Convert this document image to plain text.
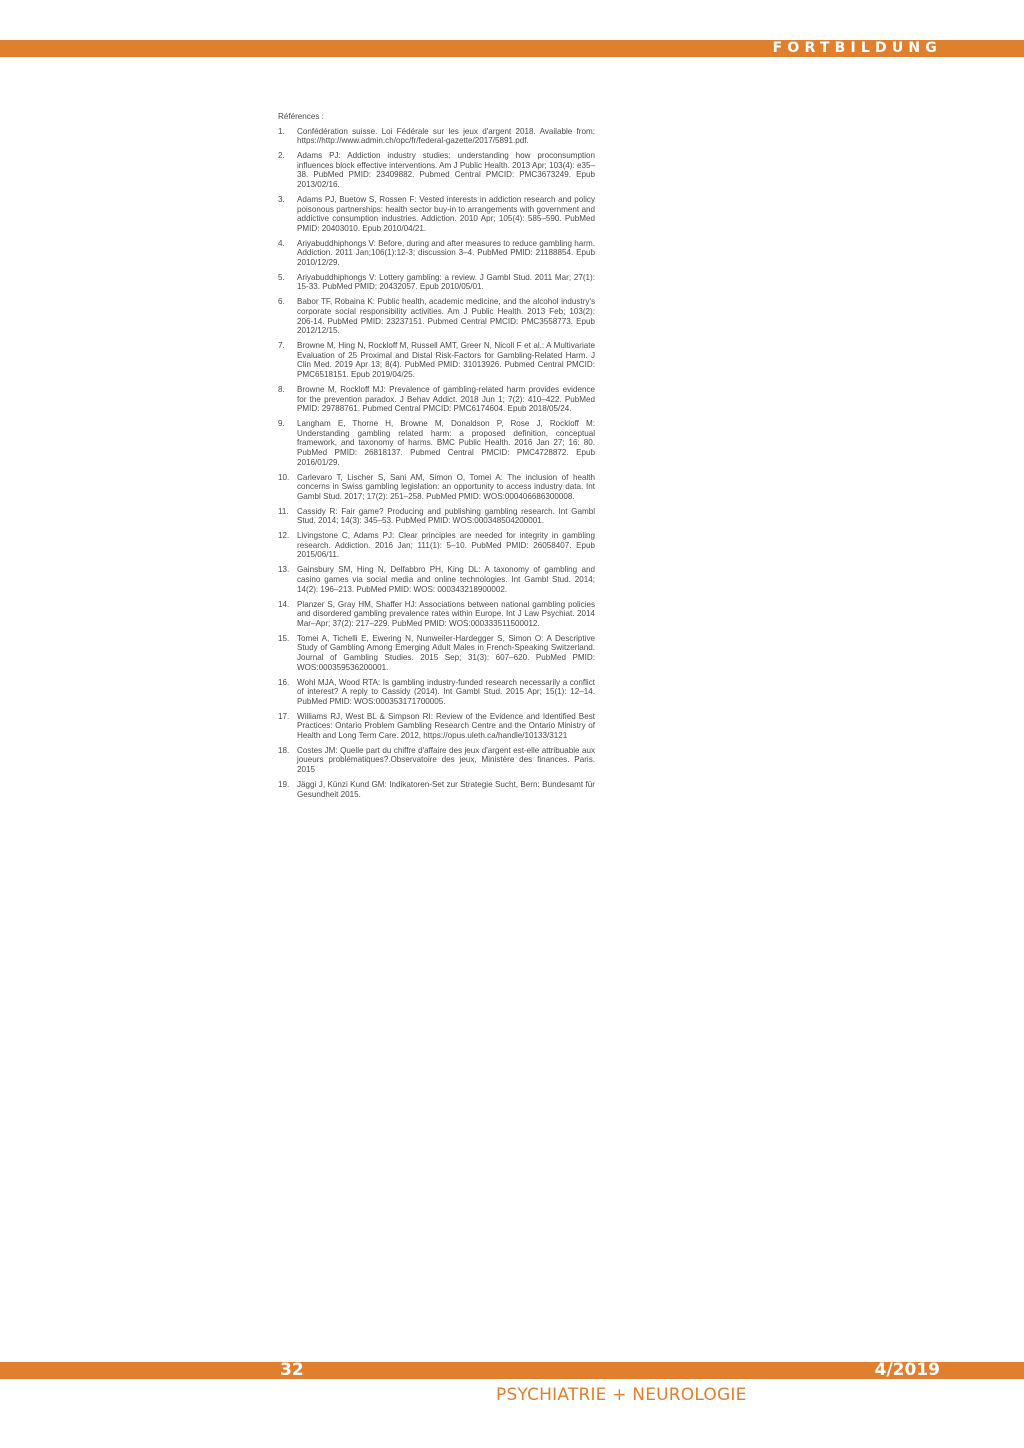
FORTBILDUNG
Références :
1. Confédération suisse. Loi Fédérale sur les jeux d'argent 2018. Available from: https://http://www.admin.ch/opc/fr/federal-gazette/2017/5891.pdf.
2. Adams PJ: Addiction industry studies: understanding how proconsumption influences block effective interventions. Am J Public Health. 2013 Apr; 103(4): e35–38. PubMed PMID: 23409882. Pubmed Central PMCID: PMC3673249. Epub 2013/02/16.
3. Adams PJ, Buetow S, Rossen F: Vested interests in addiction research and policy poisonous partnerships: health sector buy-in to arrangements with government and addictive consumption industries. Addiction. 2010 Apr; 105(4): 585–590. PubMed PMID: 20403010. Epub 2010/04/21.
4. Ariyabuddhiphongs V: Before, during and after measures to reduce gambling harm. Addiction. 2011 Jan;106(1):12-3; discussion 3–4. PubMed PMID: 21188854. Epub 2010/12/29.
5. Ariyabuddhiphongs V: Lottery gambling: a review. J Gambl Stud. 2011 Mar; 27(1): 15-33. PubMed PMID: 20432057. Epub 2010/05/01.
6. Babor TF, Robaina K: Public health, academic medicine, and the alcohol industry's corporate social responsibility activities. Am J Public Health. 2013 Feb; 103(2): 206-14. PubMed PMID: 23237151. Pubmed Central PMCID: PMC3558773. Epub 2012/12/15.
7. Browne M, Hing N, Rockloff M, Russell AMT, Greer N, Nicoll F et al.: A Multivariate Evaluation of 25 Proximal and Distal Risk-Factors for Gambling-Related Harm. J Clin Med. 2019 Apr 13; 8(4). PubMed PMID: 31013926. Pubmed Central PMCID: PMC6518151. Epub 2019/04/25.
8. Browne M, Rockloff MJ: Prevalence of gambling-related harm provides evidence for the prevention paradox. J Behav Addict. 2018 Jun 1; 7(2): 410–422. PubMed PMID: 29788761. Pubmed Central PMCID: PMC6174604. Epub 2018/05/24.
9. Langham E, Thorne H, Browne M, Donaldson P, Rose J, Rockloff M: Understanding gambling related harm: a proposed definition, conceptual framework, and taxonomy of harms. BMC Public Health. 2016 Jan 27; 16: 80. PubMed PMID: 26818137. Pubmed Central PMCID: PMC4728872. Epub 2016/01/29.
10. Carlevaro T, Lischer S, Sani AM, Simon O, Tomei A: The inclusion of health concerns in Swiss gambling legislation: an opportunity to access industry data. Int Gambl Stud. 2017; 17(2): 251–258. PubMed PMID: WOS:000406686300008.
11. Cassidy R: Fair game? Producing and publishing gambling research. Int Gambl Stud. 2014; 14(3): 345–53. PubMed PMID: WOS:000348504200001.
12. Livingstone C, Adams PJ: Clear principles are needed for integrity in gambling research. Addiction. 2016 Jan; 111(1): 5–10. PubMed PMID: 26058407. Epub 2015/06/11.
13. Gainsbury SM, Hing N, Delfabbro PH, King DL: A taxonomy of gambling and casino games via social media and online technologies. Int Gambl Stud. 2014; 14(2): 196–213. PubMed PMID: WOS: 000343218900002.
14. Planzer S, Gray HM, Shaffer HJ: Associations between national gambling policies and disordered gambling prevalence rates within Europe. Int J Law Psychiat. 2014 Mar–Apr; 37(2): 217–229. PubMed PMID: WOS:000333511500012.
15. Tomei A, Tichelli E, Ewering N, Nunweiler-Hardegger S, Simon O: A Descriptive Study of Gambling Among Emerging Adult Males in French-Speaking Switzerland. Journal of Gambling Studies. 2015 Sep; 31(3): 607–620. PubMed PMID: WOS:000359536200001.
16. Wohl MJA, Wood RTA: Is gambling industry-funded research necessarily a conflict of interest? A reply to Cassidy (2014). Int Gambl Stud. 2015 Apr; 15(1): 12–14. PubMed PMID: WOS:000353171700005.
17. Williams RJ, West BL & Simpson RI: Review of the Evidence and Identified Best Practices: Ontario Problem Gambling Research Centre and the Ontario Ministry of Health and Long Term Care. 2012, https://opus.uleth.ca/handle/10133/3121
18. Costes JM: Quelle part du chiffre d'affaire des jeux d'argent est-elle attribuable aux joueurs problématiques?.Observatoire des jeux, Ministère des finances. Paris. 2015
19. Jäggi J, Künzi Kund GM: Indikatoren-Set zur Strategie Sucht, Bern: Bundesamt für Gesundheit 2015.
32	4/2019
PSYCHIATRIE + NEUROLOGIE
